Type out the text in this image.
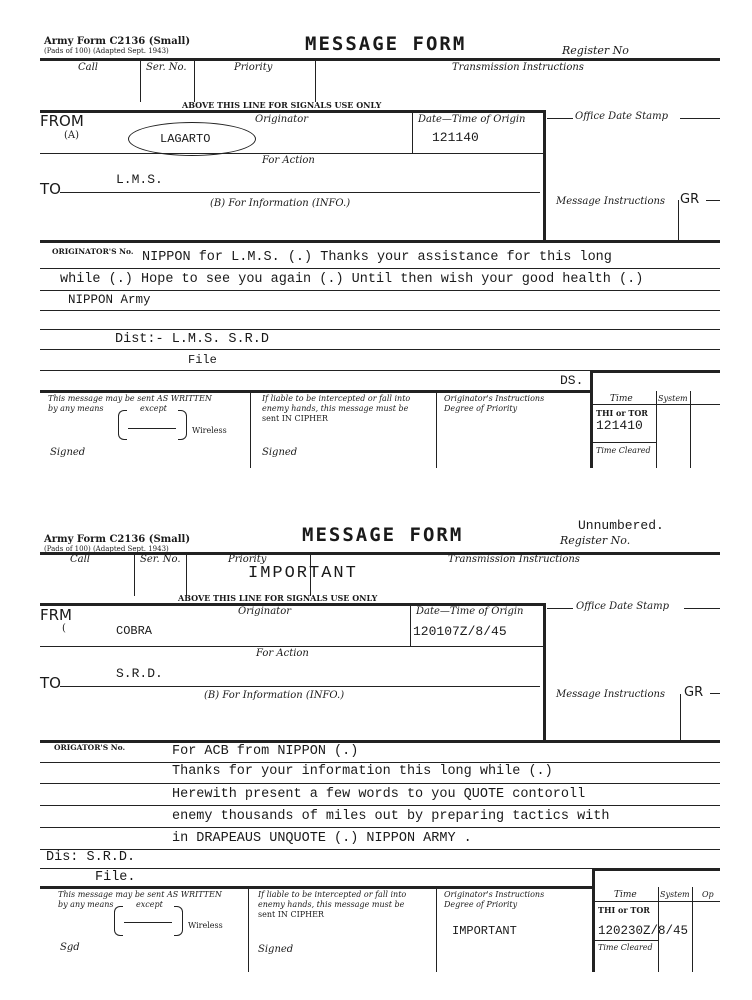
Army Form C2136 (Small)
(Pads of 100) (Adapted Sept. 1943)	MESSAGE FORM	Register No
Call	Ser. No.	Priority	Transmission Instructions
ABOVE THIS LINE FOR SIGNALS USE ONLY
FROM
(A)
Originator
LAGARTO
Date—Time of Origin
121140
Office Date Stamp
For Action
L.M.S.
TO
(B) For Information (INFO.)	Message Instructions GR
ORIGINATOR'S No. NIPPON for L.M.S. (.) Thanks your assistance for this long
while (.) Hope to see you again (.) Until then wish your good health (.)
NIPPON Army
Dist:- L.M.S. S.R.D
File
DS.
This message may be sent AS WRITTEN
by any means	except
Wireless
Signed
If liable to be intercepted or fall into
enemy hands, this message must be
sent IN CIPHER
Signed
Originator's Instructions
Degree of Priority
Time	System
THI or TOR
121410
Time Cleared
Army Form C2136 (Small)
(Pads of 100) (Adapted Sept. 1943)
MESSAGE FORM	Unnumbered.
Register No.
Call	Ser. No.	Priority
IMPORTANT
Transmission Instructions
ABOVE THIS LINE FOR SIGNALS USE ONLY
FRM
(
Originator
COBRA
Date—Time of Origin
120107Z/8/45
Office Date Stamp
For Action
S.R.D.
TO
(B) For Information (INFO.)	Message Instructions GR
ORIGATOR'S No.	For ACB from NIPPON (.)
Thanks for your information this long while (.)
Herewith present a few words to you QUOTE contoroll
enemy thousands of miles out by preparing tactics with
in DRAPEAUS UNQUOTE (.) NIPPON ARMY .
Dis: S.R.D.
File.
This message may be sent AS WRITTEN
by any means	except
Wireless
Sgd
If liable to be intercepted or fall into
enemy hands, this message must be
sent IN CIPHER
Signed
Originator's Instructions
Degree of Priority
IMPORTANT
Time	System Op
THI or TOR
120230Z/8/45
Time Cleared
